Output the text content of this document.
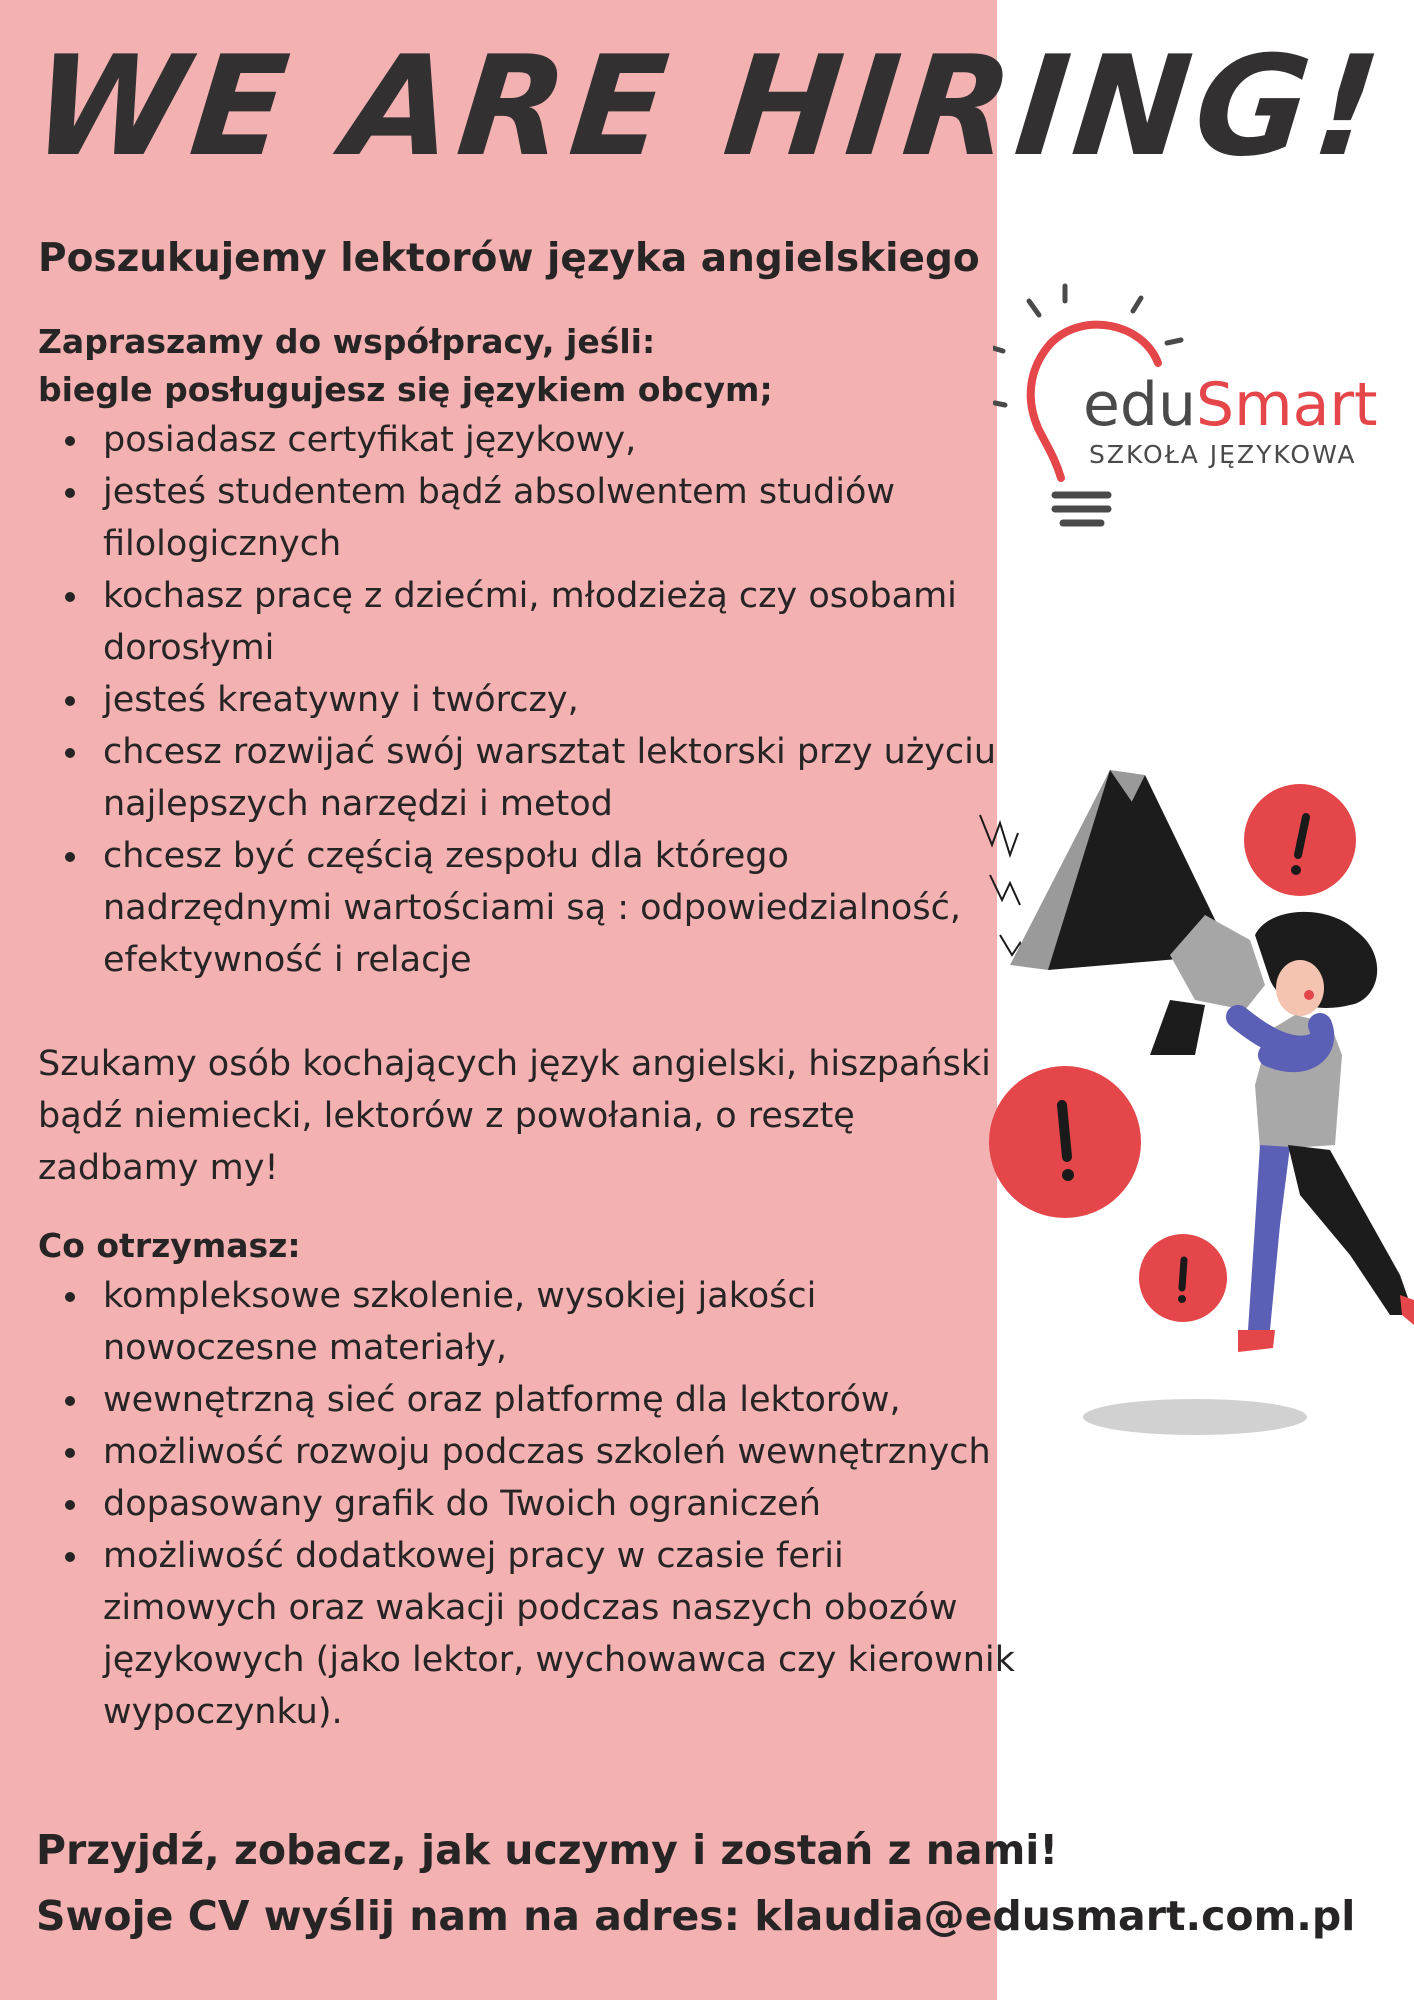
WE ARE HIRING!
Poszukujemy lektorów języka angielskiego

Zapraszamy do współpracy, jeśli:

biegle posługujesz się językiem obcym;

posiadasz certyfikat językowy,
jesteś studentem bądź absolwentem studiów filologicznych
kochasz pracę z dziećmi, młodzieżą czy osobami dorosłymi
jesteś kreatywny i twórczy,
chcesz rozwijać swój warsztat lektorski przy użyciu najlepszych narzędzi i metod
chcesz być częścią zespołu dla którego nadrzędnymi wartościami są : odpowiedzialność, efektywność i relacje

Szukamy osób kochających język angielski, hiszpański bądź niemiecki, lektorów z powołania, o resztę zadbamy my!

Co otrzymasz:

kompleksowe szkolenie, wysokiej jakości nowoczesne materiały,
wewnętrzną sieć oraz platformę dla lektorów,
możliwość rozwoju podczas szkoleń wewnętrznych
dopasowany grafik do Twoich ograniczeń
możliwość dodatkowej pracy w czasie ferii zimowych oraz wakacji podczas naszych obozów językowych (jako lektor, wychowawca czy kierownik wypoczynku).

Przyjdź, zobacz, jak uczymy i zostań z nami!

Swoje CV wyślij nam na adres: klaudia@edusmart.com.pl

eduSmart
SZKOŁA JĘZYKOWA
